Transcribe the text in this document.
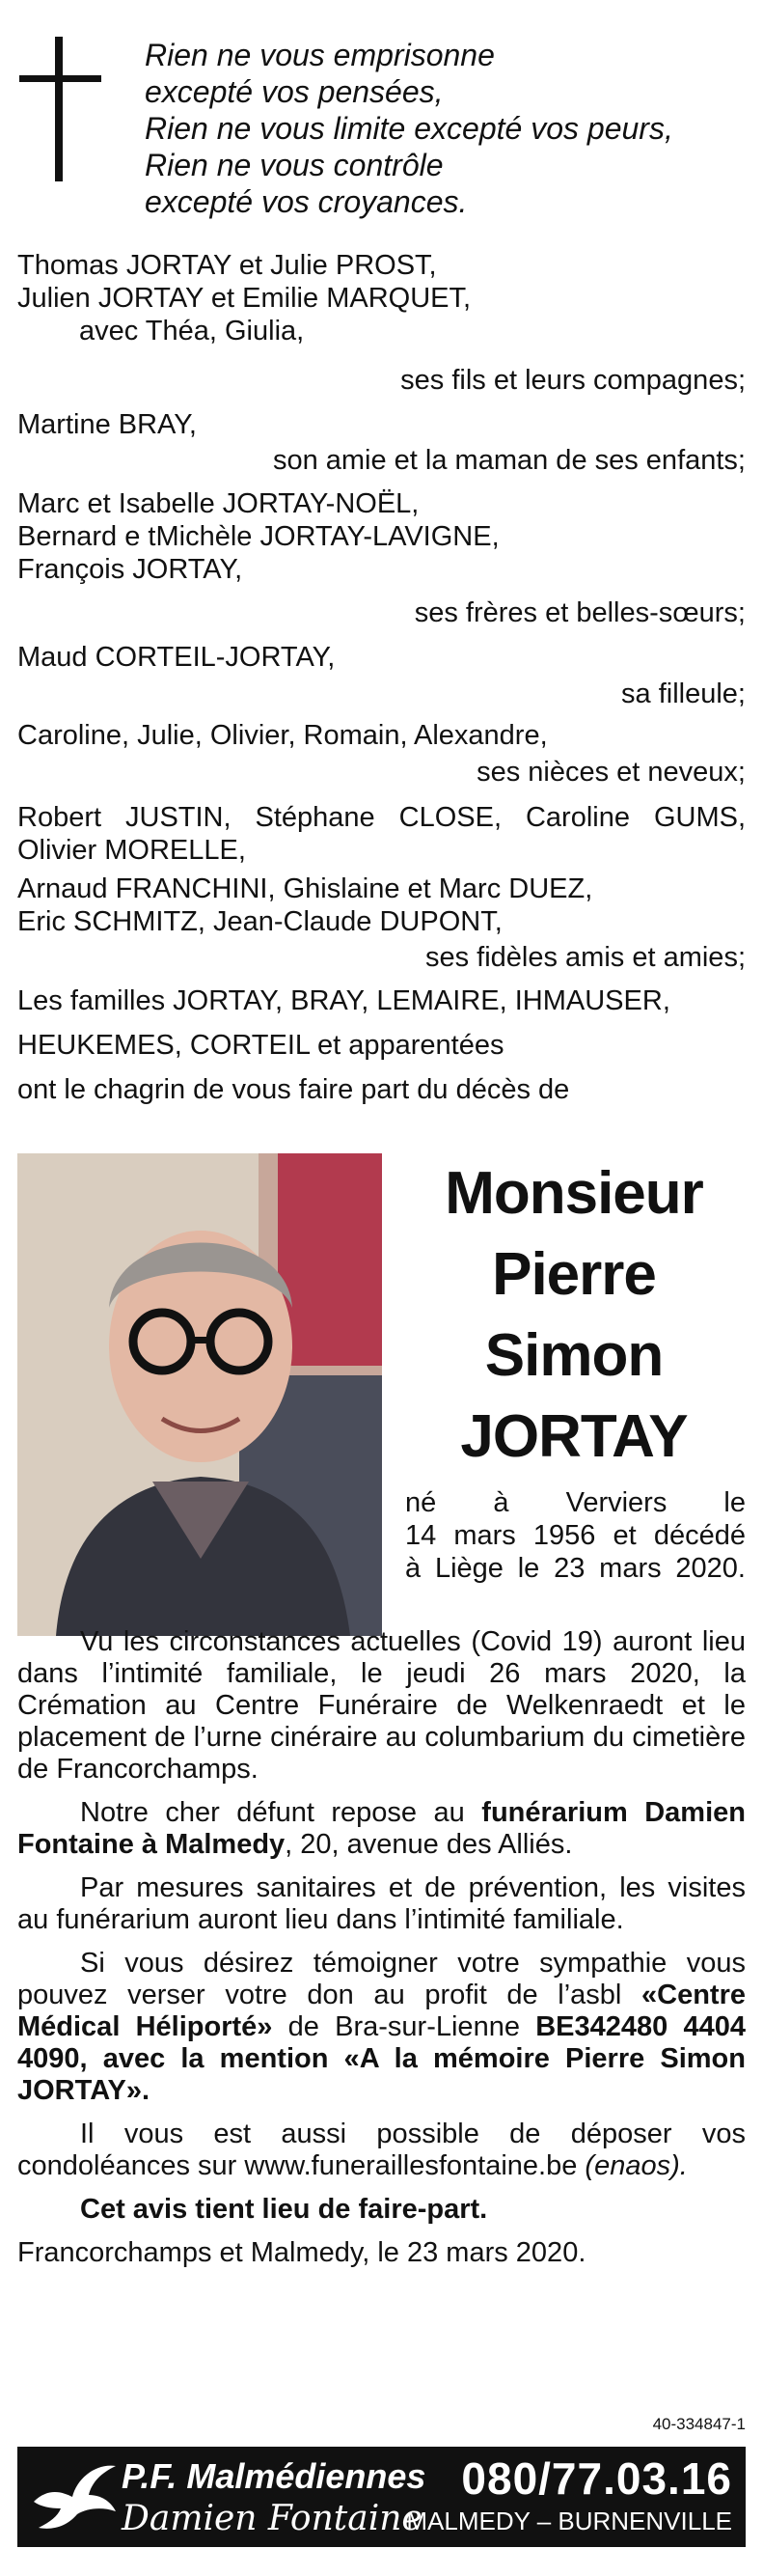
Rien ne vous emprisonne
excepté vos pensées,
Rien ne vous limite excepté vos peurs,
Rien ne vous contrôle
excepté vos croyances.
Thomas JORTAY et Julie PROST,
Julien JORTAY et Emilie MARQUET,
avec Théa, Giulia,
ses fils et leurs compagnes;
Martine BRAY,
son amie et la maman de ses enfants;
Marc et Isabelle JORTAY-NOËL,
Bernard e tMichèle JORTAY-LAVIGNE,
François JORTAY,
ses frères et belles-sœurs;
Maud CORTEIL-JORTAY,
sa filleule;
Caroline, Julie, Olivier, Romain, Alexandre,
ses nièces et neveux;
Robert JUSTIN, Stéphane CLOSE, Caroline GUMS,
Olivier MORELLE,
Arnaud FRANCHINI, Ghislaine et Marc DUEZ,
Eric SCHMITZ, Jean-Claude DUPONT,
ses fidèles amis et amies;
Les familles JORTAY, BRAY, LEMAIRE, IHMAUSER,
HEUKEMES, CORTEIL et apparentées
ont le chagrin de vous faire part du décès de
Monsieur
Pierre
Simon
JORTAY
né à Verviers le
14 mars 1956 et décédé
à Liège le 23 mars 2020.

Vu les circonstances actuelles (Covid 19) auront lieu dans l’intimité familiale, le jeudi 26 mars 2020, la Crémation au Centre Funéraire de Welkenraedt et le placement de l’urne cinéraire au columbarium du cimetière de Francorchamps.

Notre cher défunt repose au funérarium Damien Fontaine à Malmedy, 20, avenue des Alliés.

Par mesures sanitaires et de prévention, les visites au funérarium auront lieu dans l’intimité familiale.

Si vous désirez témoigner votre sympathie vous pouvez verser votre don au profit de l’asbl «Centre Médical Héliporté» de Bra-sur-Lienne BE342480 4404 4090, avec la mention «A la mémoire Pierre Simon JORTAY».

Il vous est aussi possible de déposer vos condoléances sur www.funeraillesfontaine.be (enaos).

Cet avis tient lieu de faire-part.

Francorchamps et Malmedy, le 23 mars 2020.

40-334847-1
P.F. Malmédiennes
Damien Fontaine
080/77.03.16
MALMEDY – BURNENVILLE
